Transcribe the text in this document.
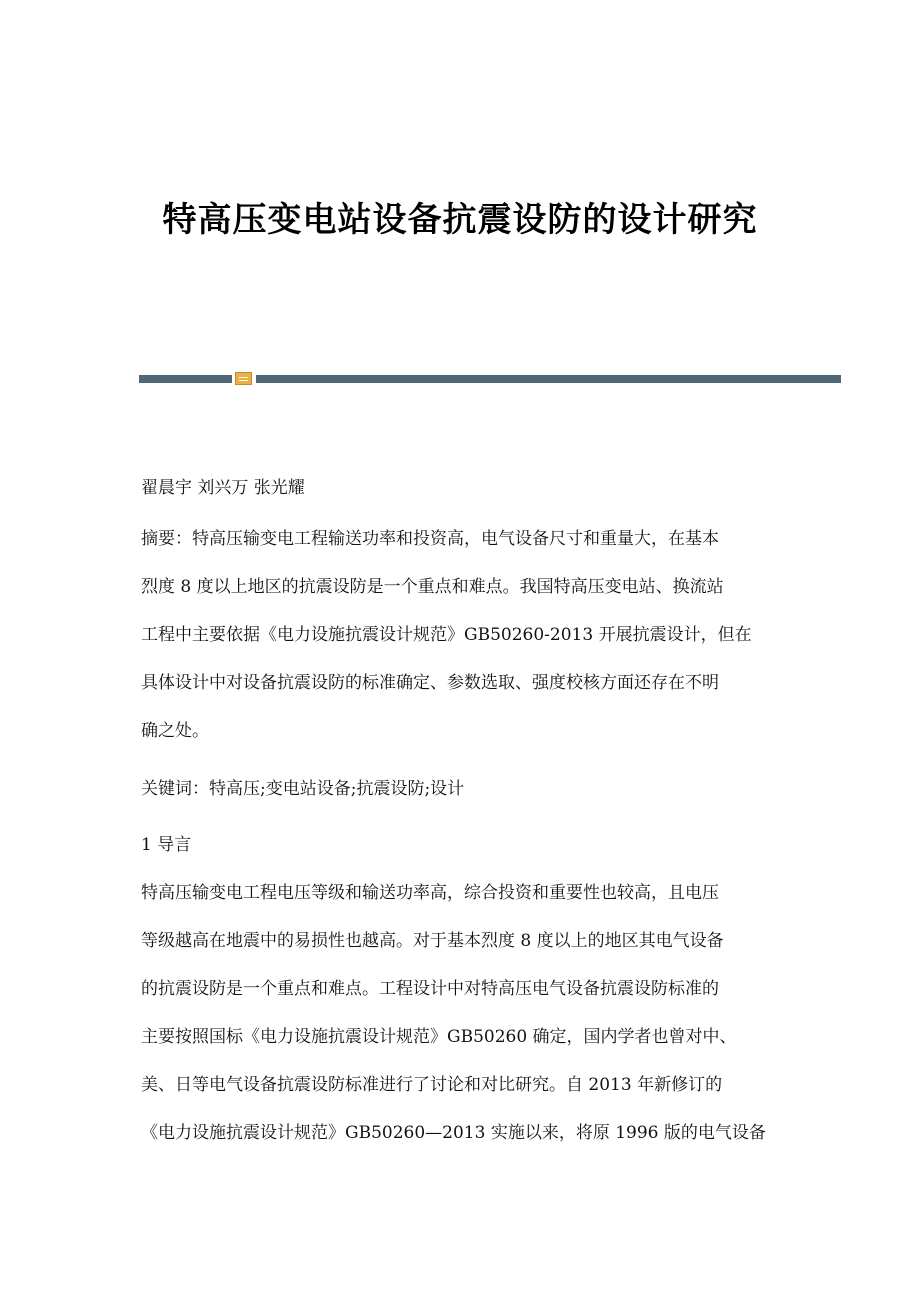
特高压变电站设备抗震设防的设计研究
翟晨宇 刘兴万 张光耀
摘要：特高压输变电工程输送功率和投资高，电气设备尺寸和重量大，在基本
烈度 8 度以上地区的抗震设防是一个重点和难点。我国特高压变电站、换流站
工程中主要依据《电力设施抗震设计规范》GB50260-2013 开展抗震设计，但在
具体设计中对设备抗震设防的标准确定、参数选取、强度校核方面还存在不明
确之处。
关键词：特高压;变电站设备;抗震设防;设计
1 导言
特高压输变电工程电压等级和输送功率高，综合投资和重要性也较高，且电压
等级越高在地震中的易损性也越高。对于基本烈度 8 度以上的地区其电气设备
的抗震设防是一个重点和难点。工程设计中对特高压电气设备抗震设防标准的
主要按照国标《电力设施抗震设计规范》GB50260 确定，国内学者也曾对中、
美、日等电气设备抗震设防标准进行了讨论和对比研究。自 2013 年新修订的
《电力设施抗震设计规范》GB50260—2013 实施以来，将原 1996 版的电气设备
